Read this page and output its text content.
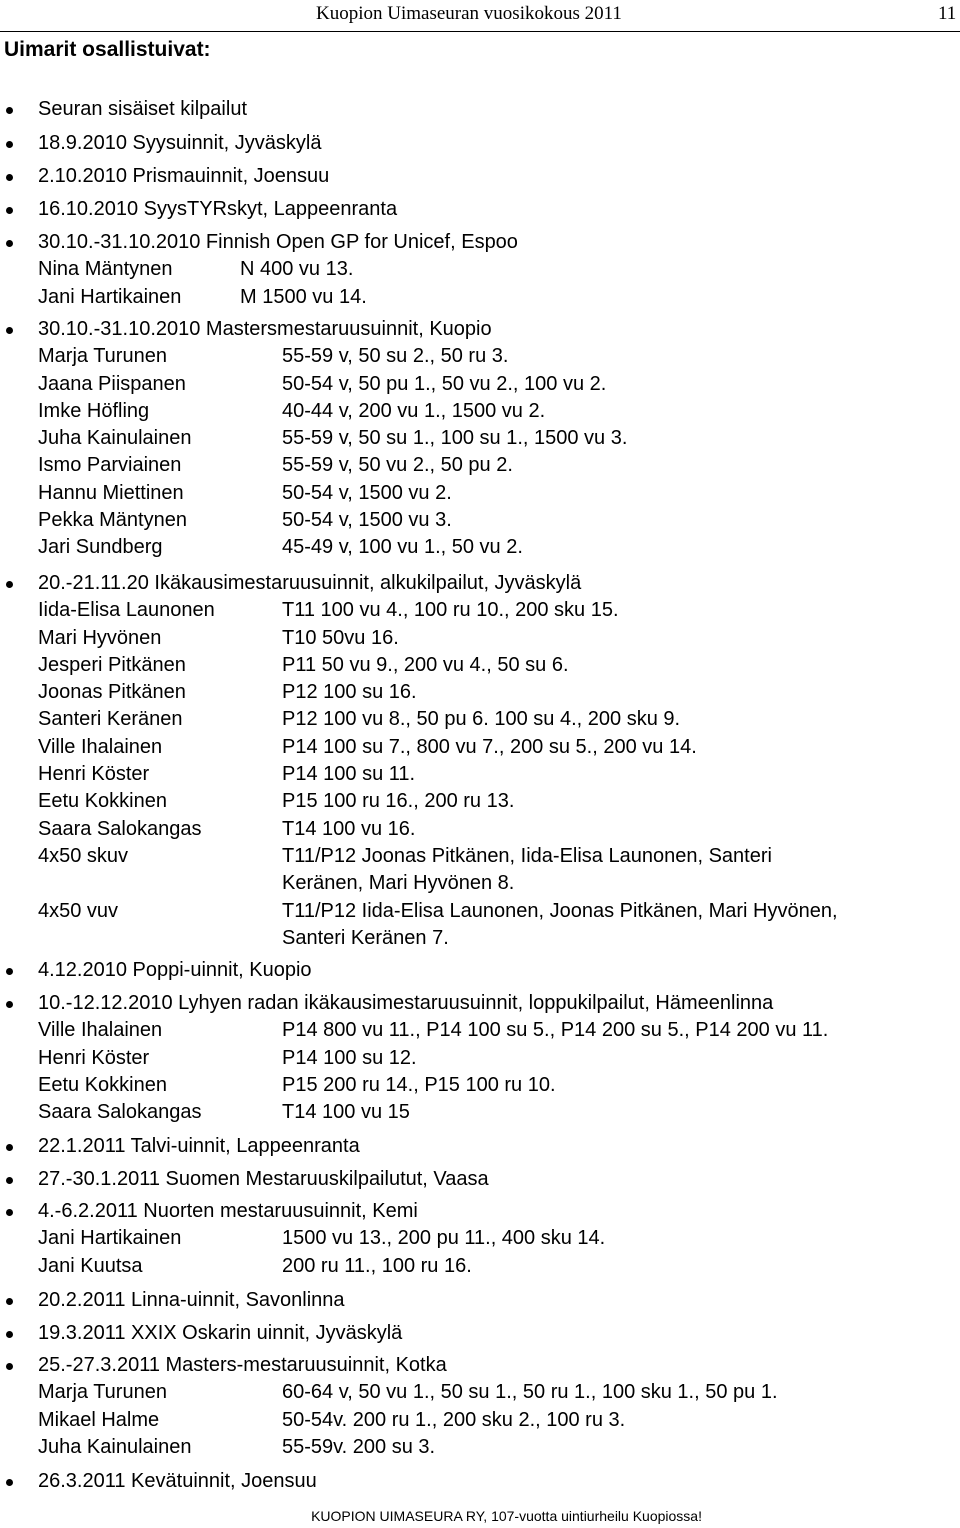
Kuopion Uimaseuran vuosikokous 2011	11
Uimarit osallistuivat:
Seuran sisäiset kilpailut
18.9.2010 Syysuinnit, Jyväskylä
2.10.2010 Prismauinnit, Joensuu
16.10.2010 SyysTYRskyt, Lappeenranta
30.10.-31.10.2010 Finnish Open GP for Unicef, Espoo
Nina Mäntynen	N 400 vu 13.
Jani Hartikainen	M 1500 vu 14.
30.10.-31.10.2010 Mastersmestaruusuinnit, Kuopio
Marja Turunen	55-59 v, 50 su 2., 50 ru 3.
Jaana Piispanen	50-54 v, 50 pu 1., 50 vu 2., 100 vu 2.
Imke Höfling	40-44 v, 200 vu 1., 1500 vu 2.
Juha Kainulainen	55-59 v, 50 su 1., 100 su 1., 1500 vu 3.
Ismo Parviainen	55-59 v, 50 vu 2., 50 pu 2.
Hannu Miettinen	50-54 v, 1500 vu 2.
Pekka Mäntynen	50-54 v, 1500 vu 3.
Jari Sundberg	45-49 v, 100 vu 1., 50 vu 2.
20.-21.11.20 Ikäkausimestaruusuinnit, alkukilpailut, Jyväskylä
Iida-Elisa Launonen	T11 100 vu 4., 100 ru 10., 200 sku 15.
Mari Hyvönen	T10 50vu 16.
Jesperi Pitkänen	P11 50 vu 9., 200 vu 4., 50 su 6.
Joonas Pitkänen	P12 100 su 16.
Santeri Keränen	P12 100 vu 8., 50 pu 6. 100 su 4., 200 sku 9.
Ville Ihalainen	P14 100 su 7., 800 vu 7., 200 su 5., 200 vu 14.
Henri Köster	P14 100 su 11.
Eetu Kokkinen	P15 100 ru 16., 200 ru 13.
Saara Salokangas	T14 100 vu 16.
4x50 skuv	T11/P12 Joonas Pitkänen, Iida-Elisa Launonen, Santeri
Keränen, Mari Hyvönen 8.
4x50 vuv	T11/P12 Iida-Elisa Launonen, Joonas Pitkänen, Mari Hyvönen,
Santeri Keränen 7.
4.12.2010 Poppi-uinnit, Kuopio
10.-12.12.2010 Lyhyen radan ikäkausimestaruusuinnit, loppukilpailut, Hämeenlinna
Ville Ihalainen	P14 800 vu 11., P14 100 su 5., P14 200 su 5., P14 200 vu 11.
Henri Köster	P14 100 su 12.
Eetu Kokkinen	P15 200 ru 14., P15 100 ru 10.
Saara Salokangas	T14 100 vu 15
22.1.2011 Talvi-uinnit, Lappeenranta
27.-30.1.2011 Suomen Mestaruuskilpailutut, Vaasa
4.-6.2.2011 Nuorten mestaruusuinnit, Kemi
Jani Hartikainen	1500 vu 13., 200 pu 11., 400 sku 14.
Jani Kuutsa	200 ru 11., 100 ru 16.
20.2.2011 Linna-uinnit, Savonlinna
19.3.2011 XXIX Oskarin uinnit, Jyväskylä
25.-27.3.2011 Masters-mestaruusuinnit, Kotka
Marja Turunen	60-64 v, 50 vu 1., 50 su 1., 50 ru 1., 100 sku 1., 50 pu 1.
Mikael Halme	50-54v. 200 ru 1., 200 sku 2., 100 ru 3.
Juha Kainulainen	55-59v. 200 su 3.
26.3.2011 Kevätuinnit, Joensuu
KUOPION UIMASEURA RY, 107-vuotta uintiurheilu Kuopiossa!
